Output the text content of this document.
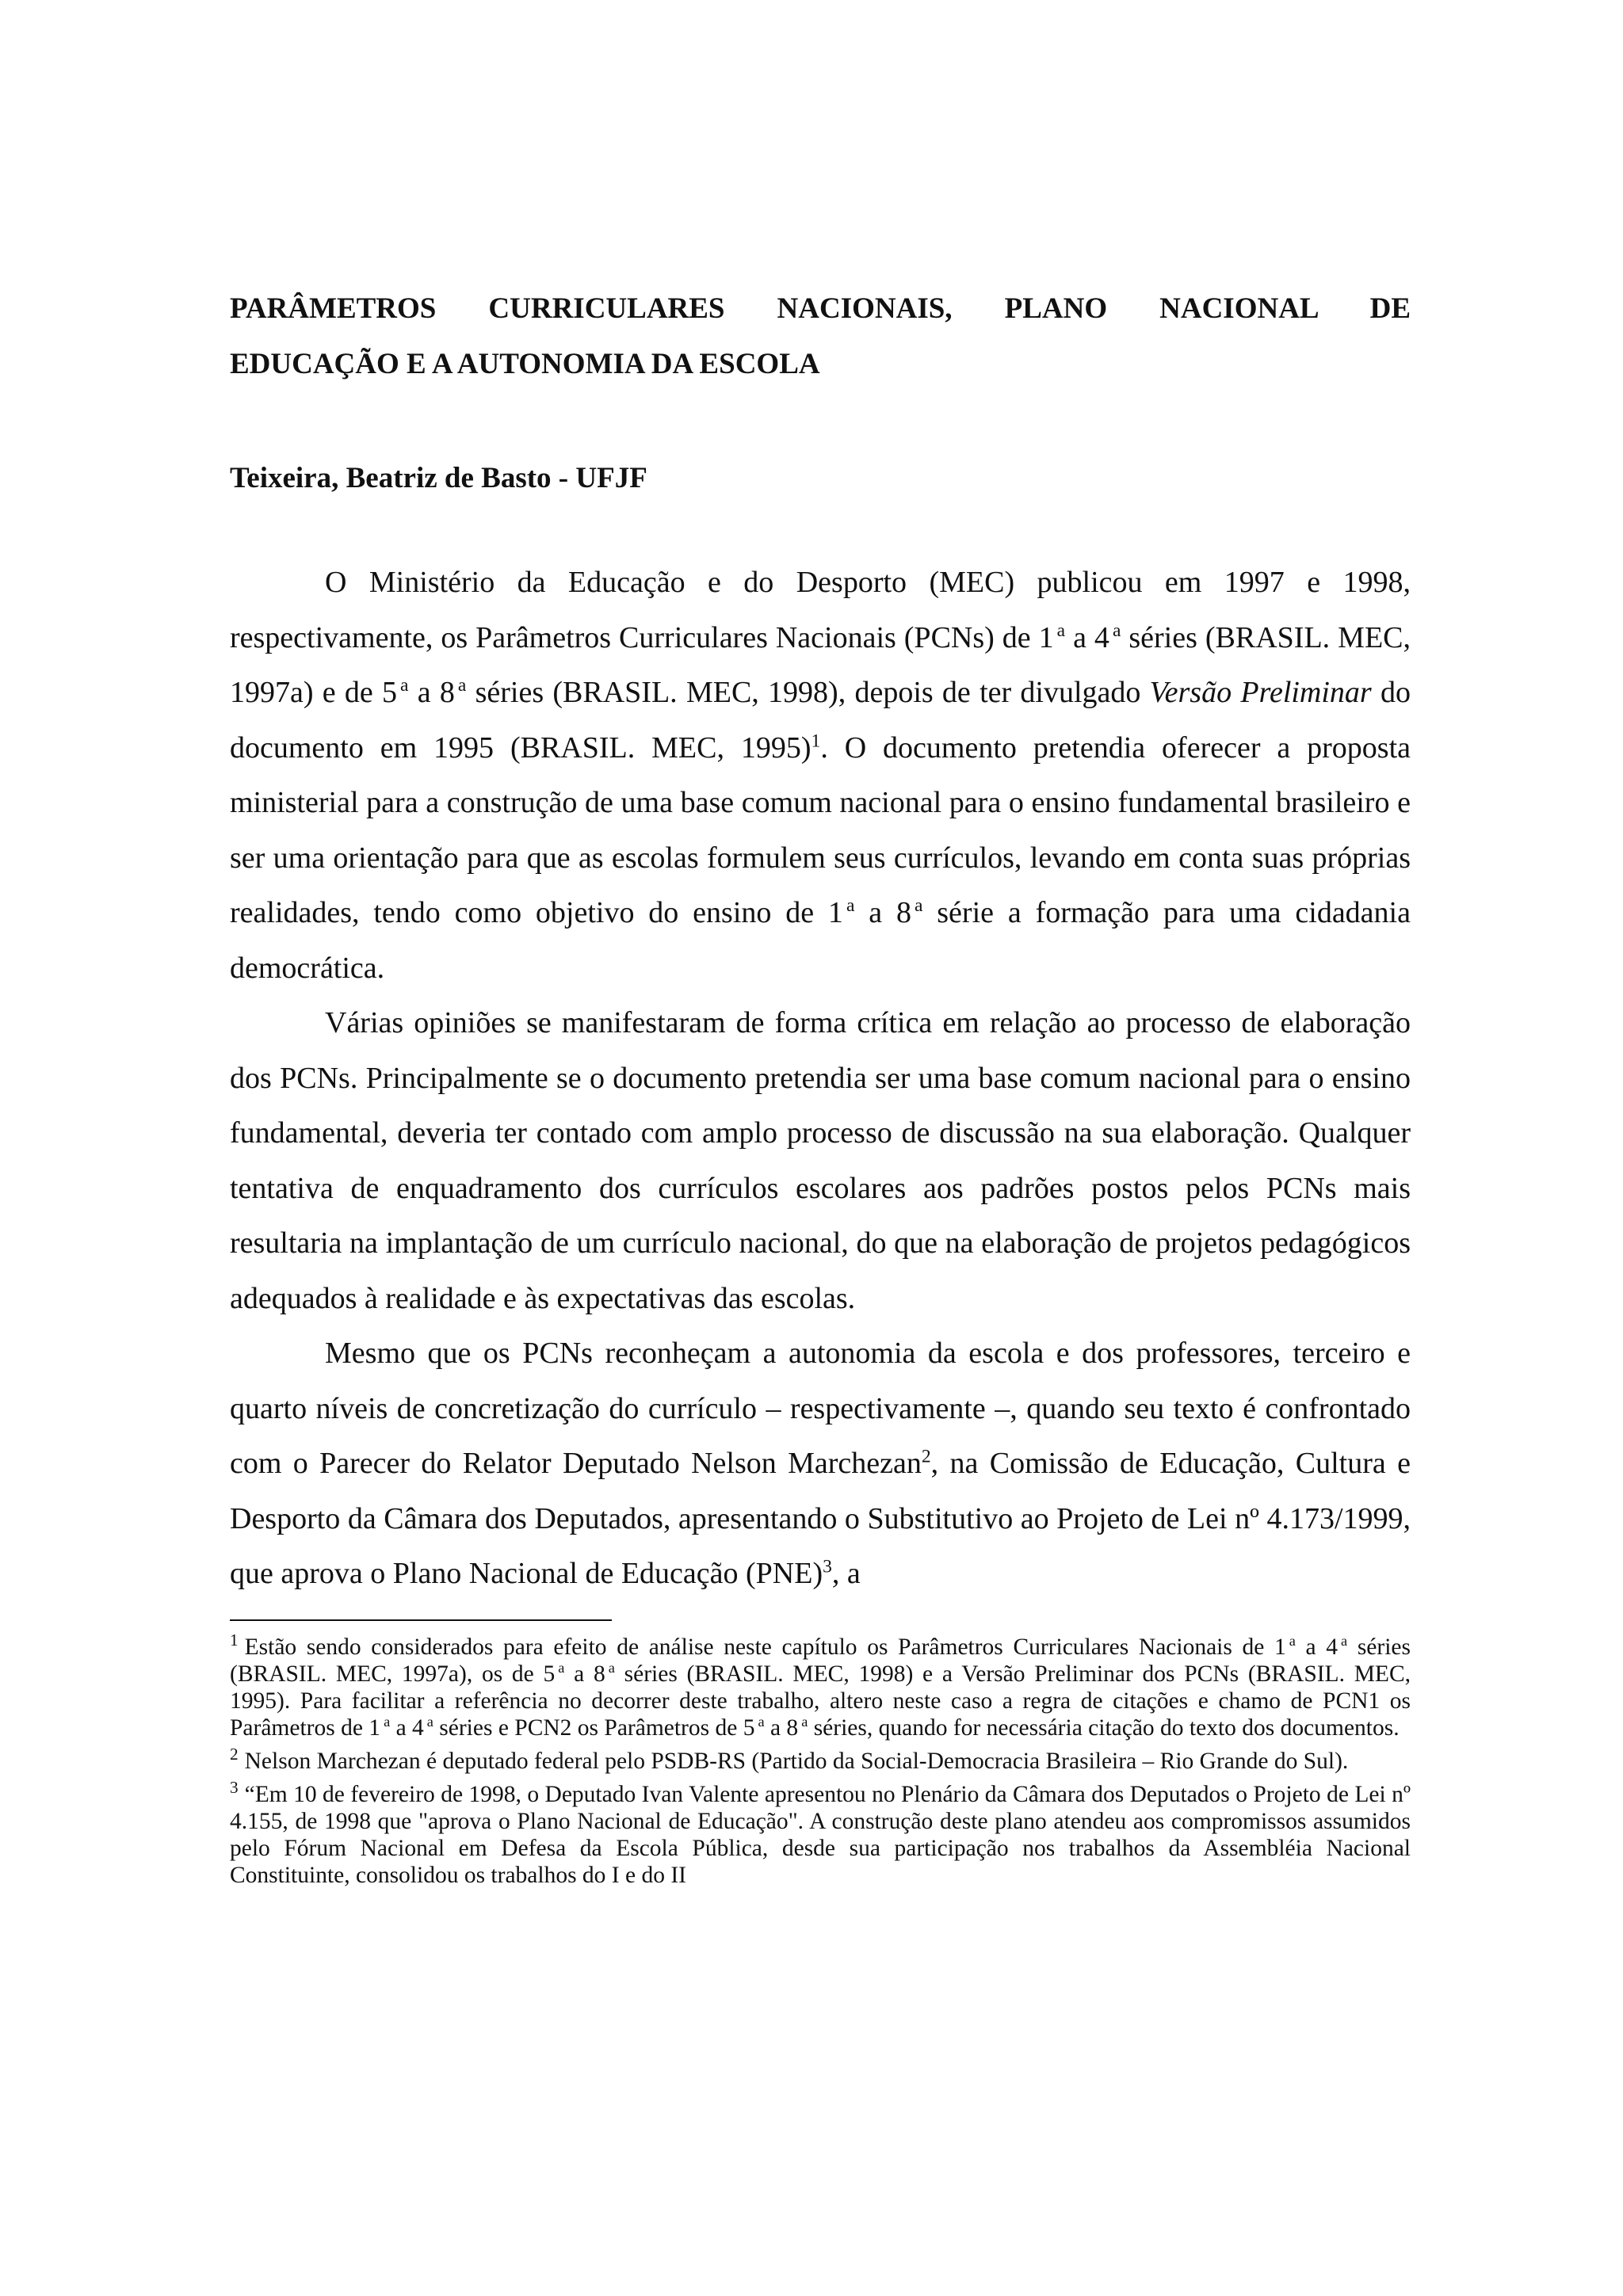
PARÂMETROS CURRICULARES NACIONAIS, PLANO NACIONAL DE
EDUCAÇÃO E A AUTONOMIA DA ESCOLA
Teixeira, Beatriz de Basto - UFJF

O Ministério da Educação e do Desporto (MEC) publicou em 1997 e 1998, respectivamente, os Parâmetros Curriculares Nacionais (PCNs) de 1 $^a$ a 4 $^a$ séries (BRASIL. MEC, 1997a) e de 5 $^a$ a 8 $^a$ séries (BRASIL. MEC, 1998), depois de ter divulgado Versão Preliminar do documento em 1995 (BRASIL. MEC, 1995)$^1$. O documento pretendia oferecer a proposta ministerial para a construção de uma base comum nacional para o ensino fundamental brasileiro e ser uma orientação para que as escolas formulem seus currículos, levando em conta suas próprias realidades, tendo como objetivo do ensino de 1 $^a$ a 8 $^a$ série a formação para uma cidadania democrática.

Várias opiniões se manifestaram de forma crítica em relação ao processo de elaboração dos PCNs. Principalmente se o documento pretendia ser uma base comum nacional para o ensino fundamental, deveria ter contado com amplo processo de discussão na sua elaboração. Qualquer tentativa de enquadramento dos currículos escolares aos padrões postos pelos PCNs mais resultaria na implantação de um currículo nacional, do que na elaboração de projetos pedagógicos adequados à realidade e às expectativas das escolas.

Mesmo que os PCNs reconheçam a autonomia da escola e dos professores, terceiro e quarto níveis de concretização do currículo – respectivamente –, quando seu texto é confrontado com o Parecer do Relator Deputado Nelson Marchezan$^2$, na Comissão de Educação, Cultura e Desporto da Câmara dos Deputados, apresentando o Substitutivo ao Projeto de Lei nº 4.173/1999, que aprova o Plano Nacional de Educação (PNE)$^3$, a

$^1$ Estão sendo considerados para efeito de análise neste capítulo os Parâmetros Curriculares Nacionais de 1 $^a$ a 4 $^a$ séries (BRASIL. MEC, 1997a), os de 5 $^a$ a 8 $^a$ séries (BRASIL. MEC, 1998) e a Versão Preliminar dos PCNs (BRASIL. MEC, 1995). Para facilitar a referência no decorrer deste trabalho, altero neste caso a regra de citações e chamo de PCN1 os Parâmetros de 1 $^a$ a 4 $^a$ séries e PCN2 os Parâmetros de 5 $^a$ a 8 $^a$ séries, quando for necessária citação do texto dos documentos.
$^2$ Nelson Marchezan é deputado federal pelo PSDB-RS (Partido da Social-Democracia Brasileira – Rio Grande do Sul).
$^3$ “Em 10 de fevereiro de 1998, o Deputado Ivan Valente apresentou no Plenário da Câmara dos Deputados o Projeto de Lei nº 4.155, de 1998 que "aprova o Plano Nacional de Educação". A construção deste plano atendeu aos compromissos assumidos pelo Fórum Nacional em Defesa da Escola Pública, desde sua participação nos trabalhos da Assembléia Nacional Constituinte, consolidou os trabalhos do I e do II
